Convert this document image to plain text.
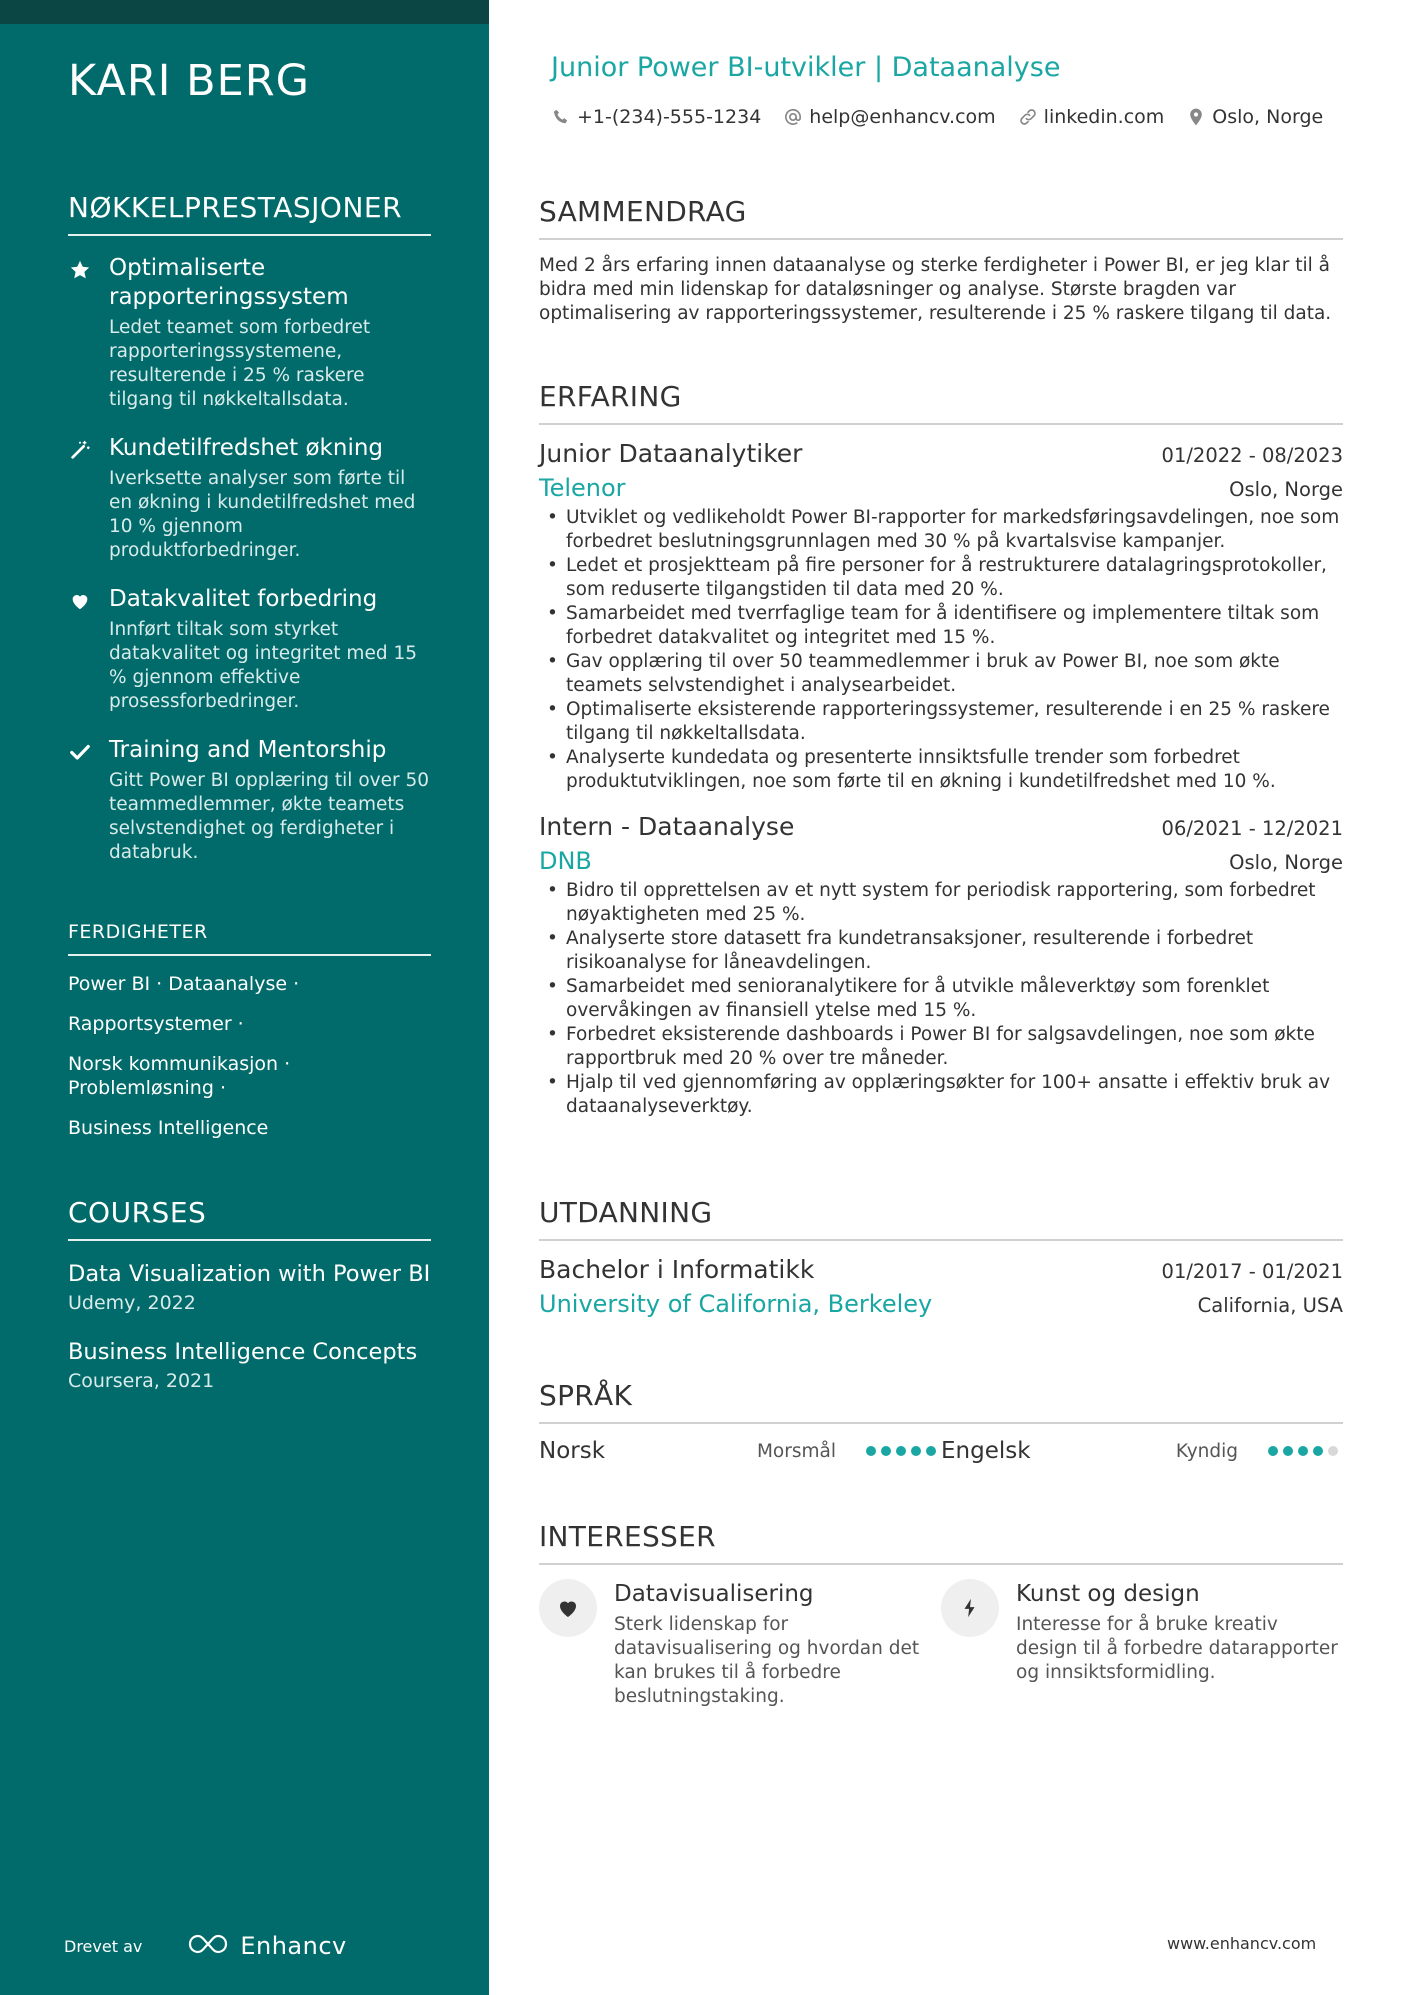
KARI BERG
NØKKELPRESTASJONER
Optimaliserte rapporteringssystem
Ledet teamet som forbedret rapporteringssystemene, resulterende i 25 % raskere tilgang til nøkkeltallsdata.
Kundetilfredshet økning
Iverksette analyser som førte til en økning i kundetilfredshet med 10 % gjennom produktforbedringer.
Datakvalitet forbedring
Innført tiltak som styrket datakvalitet og integritet med 15 % gjennom effektive prosessforbedringer.
Training and Mentorship
Gitt Power BI opplæring til over 50 teammedlemmer, økte teamets selvstendighet og ferdigheter i databruk.
FERDIGHETER
Power BI · Dataanalyse ·
Rapportsystemer ·
Norsk kommunikasjon · Problemløsning ·
Business Intelligence
COURSES
Data Visualization with Power BI
Udemy, 2022
Business Intelligence Concepts
Coursera, 2021
Drevet av	Enhancv
Junior Power BI-utvikler | Dataanalyse
+1-(234)-555-1234	help@enhancv.com	linkedin.com	Oslo, Norge
SAMMENDRAG
Med 2 års erfaring innen dataanalyse og sterke ferdigheter i Power BI, er jeg klar til å bidra med min lidenskap for dataløsninger og analyse. Største bragden var optimalisering av rapporteringssystemer, resulterende i 25 % raskere tilgang til data.
ERFARING
Junior Dataanalytiker	01/2022 - 08/2023
Telenor	Oslo, Norge
• Utviklet og vedlikeholdt Power BI-rapporter for markedsføringsavdelingen, noe som forbedret beslutningsgrunnlagen med 30 % på kvartalsvise kampanjer.
• Ledet et prosjektteam på fire personer for å restrukturere datalagringsprotokoller, som reduserte tilgangstiden til data med 20 %.
• Samarbeidet med tverrfaglige team for å identifisere og implementere tiltak som forbedret datakvalitet og integritet med 15 %.
• Gav opplæring til over 50 teammedlemmer i bruk av Power BI, noe som økte teamets selvstendighet i analysearbeidet.
• Optimaliserte eksisterende rapporteringssystemer, resulterende i en 25 % raskere tilgang til nøkkeltallsdata.
• Analyserte kundedata og presenterte innsiktsfulle trender som forbedret produktutviklingen, noe som førte til en økning i kundetilfredshet med 10 %.
Intern - Dataanalyse	06/2021 - 12/2021
DNB	Oslo, Norge
• Bidro til opprettelsen av et nytt system for periodisk rapportering, som forbedret nøyaktigheten med 25 %.
• Analyserte store datasett fra kundetransaksjoner, resulterende i forbedret risikoanalyse for låneavdelingen.
• Samarbeidet med senioranalytikere for å utvikle måleverktøy som forenklet overvåkingen av finansiell ytelse med 15 %.
• Forbedret eksisterende dashboards i Power BI for salgsavdelingen, noe som økte rapportbruk med 20 % over tre måneder.
• Hjalp til ved gjennomføring av opplæringsøkter for 100+ ansatte i effektiv bruk av dataanalyseverktøy.
UTDANNING
Bachelor i Informatikk	01/2017 - 01/2021
University of California, Berkeley	California, USA
SPRÅK
Norsk	Morsmål	Engelsk	Kyndig
INTERESSER
Datavisualisering
Sterk lidenskap for datavisualisering og hvordan det kan brukes til å forbedre beslutningstaking.
Kunst og design
Interesse for å bruke kreativ design til å forbedre datarapporter og innsiktsformidling.
www.enhancv.com
